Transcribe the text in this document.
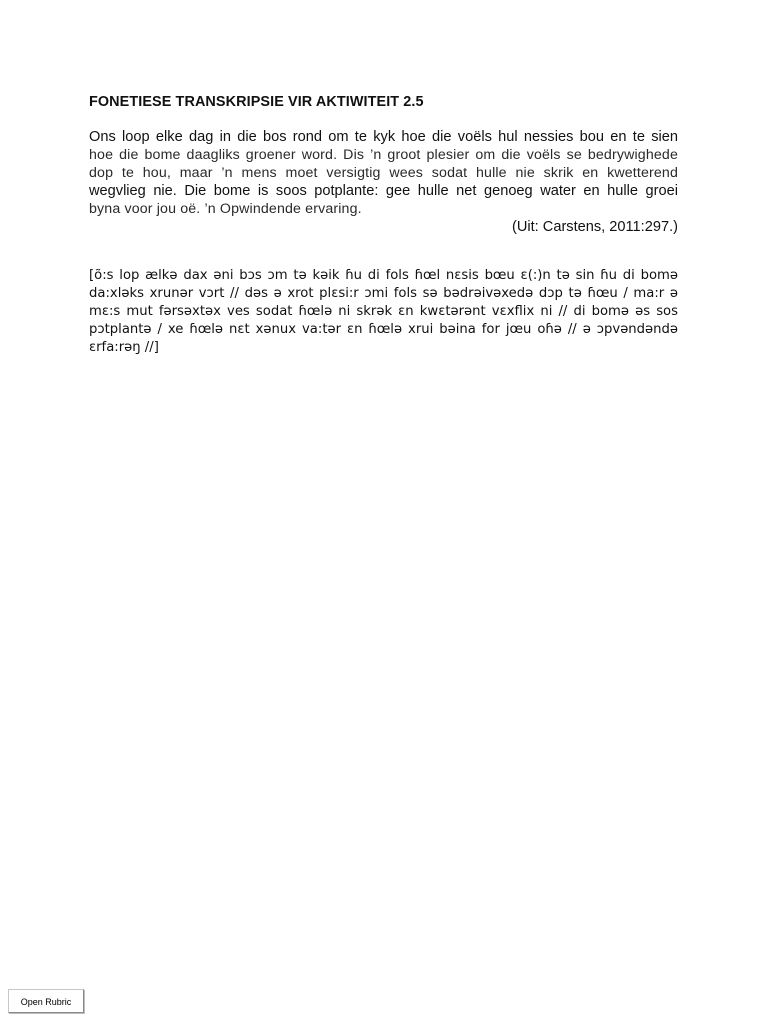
FONETIESE TRANSKRIPSIE VIR AKTIWITEIT 2.5
Ons loop elke dag in die bos rond om te kyk hoe die voëls hul nessies bou en te sien
hoe die bome daagliks groener word. Dis ’n groot plesier om die voëls se bedrywighede
dop te hou, maar ’n mens moet versigtig wees sodat hulle nie skrik en kwetterend
wegvlieg nie. Die bome is soos potplante: gee hulle net genoeg water en hulle groei
byna voor jou oë. ’n Opwindende ervaring.

(Uit: Carstens, 2011:297.)

[õ:s lop ælkə dax əni bɔs ɔm tə kəik ɦu di fols ɦœl nɛsis bœu ɛ(:)n tə sin ɦu di bomə
da:xləks xrunər vɔrt // dəs ə xrot plɛsi:r ɔmi fols sə bədrəivəxedə dɔp tə ɦœu / ma:r ə
mɛ:s mut fərsəxtəx ves sodat ɦœlə ni skrək ɛn kwɛtərənt vɛxflix ni // di bomə əs sos
pɔtplantə / xe ɦœlə nɛt xənux va:tər ɛn ɦœlə xrui bəina for jœu oɦə // ə ɔpvəndəndə
ɛrfa:rəŋ //]
Open Rubric
